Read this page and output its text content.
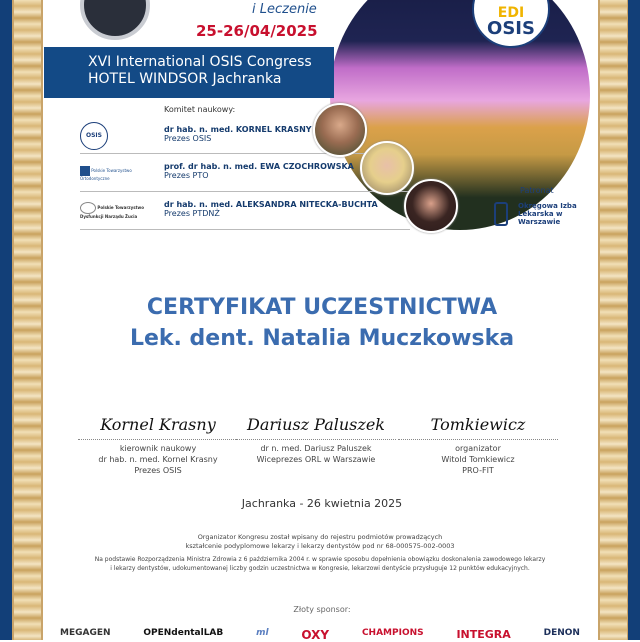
i Leczenie
25-26/04/2025
XVI International OSIS Congress
HOTEL WINDSOR Jachranka
EDI
OSIS
Komitet naukowy:
OSIS
dr hab. n. med. KORNEL KRASNY
Prezes OSIS
Polskie Towarzystwo Ortodontyczne
prof. dr hab. n. med. EWA CZOCHROWSKA
Prezes PTO
Polskie Towarzystwo Dysfunkcji Narządu Żucia
dr hab. n. med. ALEKSANDRA NITECKA-BUCHTA
Prezes PTDNŻ
Patronat
Okręgowa Izba Lekarska w Warszawie
CERTYFIKAT UCZESTNICTWA
Lek. dent. Natalia Muczkowska
Kornel Krasny
kierownik naukowy
dr hab. n. med. Kornel Krasny
Prezes OSIS
Dariusz Paluszek
dr n. med. Dariusz Paluszek
Wiceprezes ORL w Warszawie
Tomkiewicz
organizator
Witold Tomkiewicz
PRO-FIT
Jachranka - 26 kwietnia 2025
Organizator Kongresu został wpisany do rejestru podmiotów prowadzących
kształcenie podyplomowe lekarzy i lekarzy dentystów pod nr 68-000575-002-0003
Na podstawie Rozporządzenia Ministra Zdrowia z 6 października 2004 r. w sprawie sposobu dopełnienia obowiązku doskonalenia zawodowego lekarzy
i lekarzy dentystów, udokumentowanej liczby godzin uczestnictwa w Kongresie, lekarzowi dentyście przysługuje 12 punktów edukacyjnych.
Złoty sponsor:
MEGAGEN	OPENdentalLAB	ml	OXY	CHAMPIONS	INTEGRA	DENON
